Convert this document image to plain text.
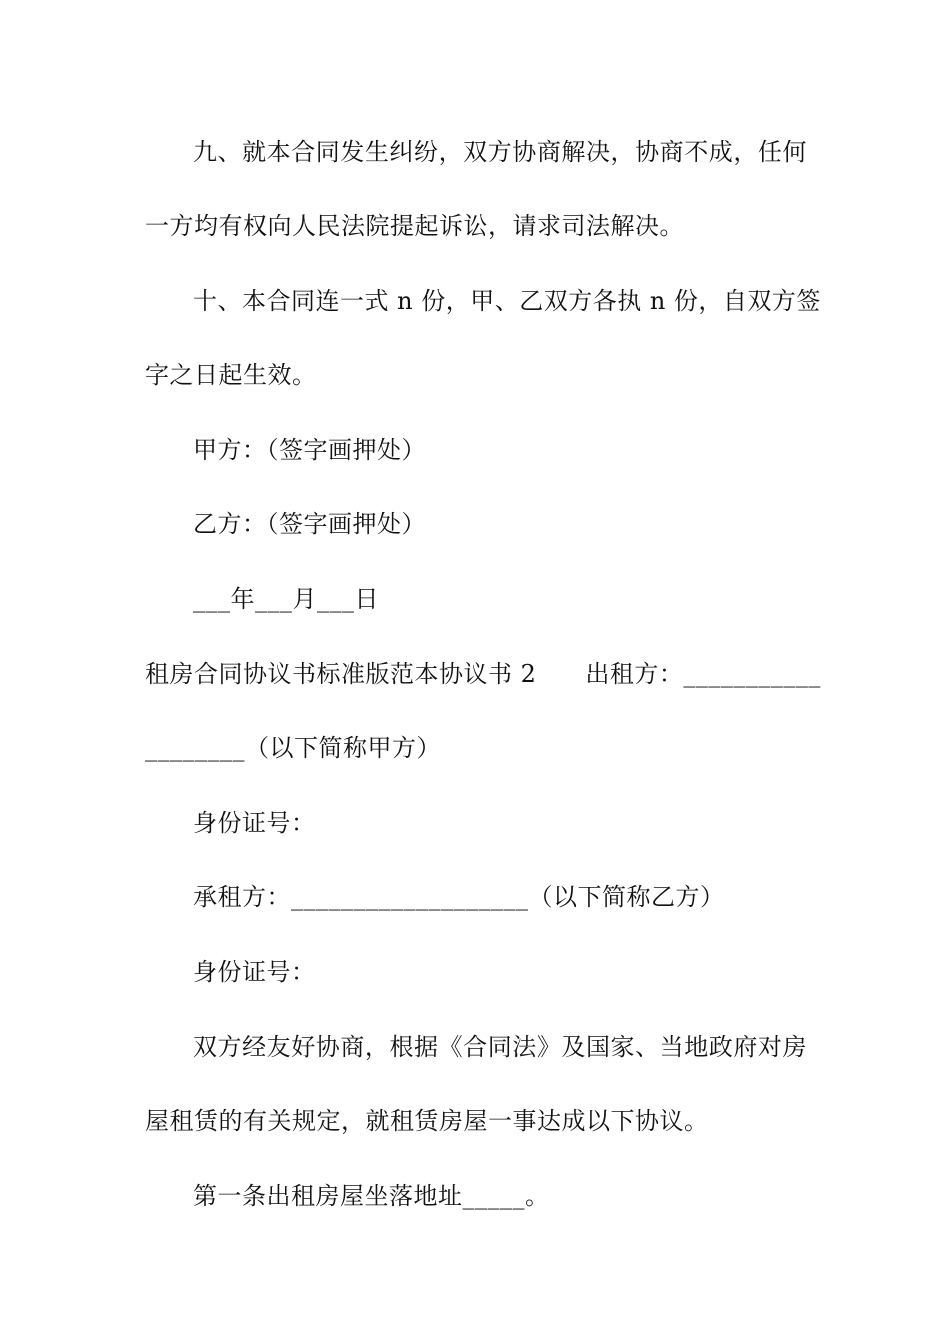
九、就本合同发生纠纷，双方协商解决，协商不成，任何
一方均有权向人民法院提起诉讼，请求司法解决。
十、本合同连一式 n 份，甲、乙双方各执 n 份，自双方签
字之日起生效。
甲方：（签字画押处）
乙方：（签字画押处）
___年___月___日
租房合同协议书标准版范本协议书 2　　出租方：___________
________（以下简称甲方）
身份证号：
承租方：___________________（以下简称乙方）
身份证号：
双方经友好协商，根据《合同法》及国家、当地政府对房
屋租赁的有关规定，就租赁房屋一事达成以下协议。
第一条出租房屋坐落地址_____。
